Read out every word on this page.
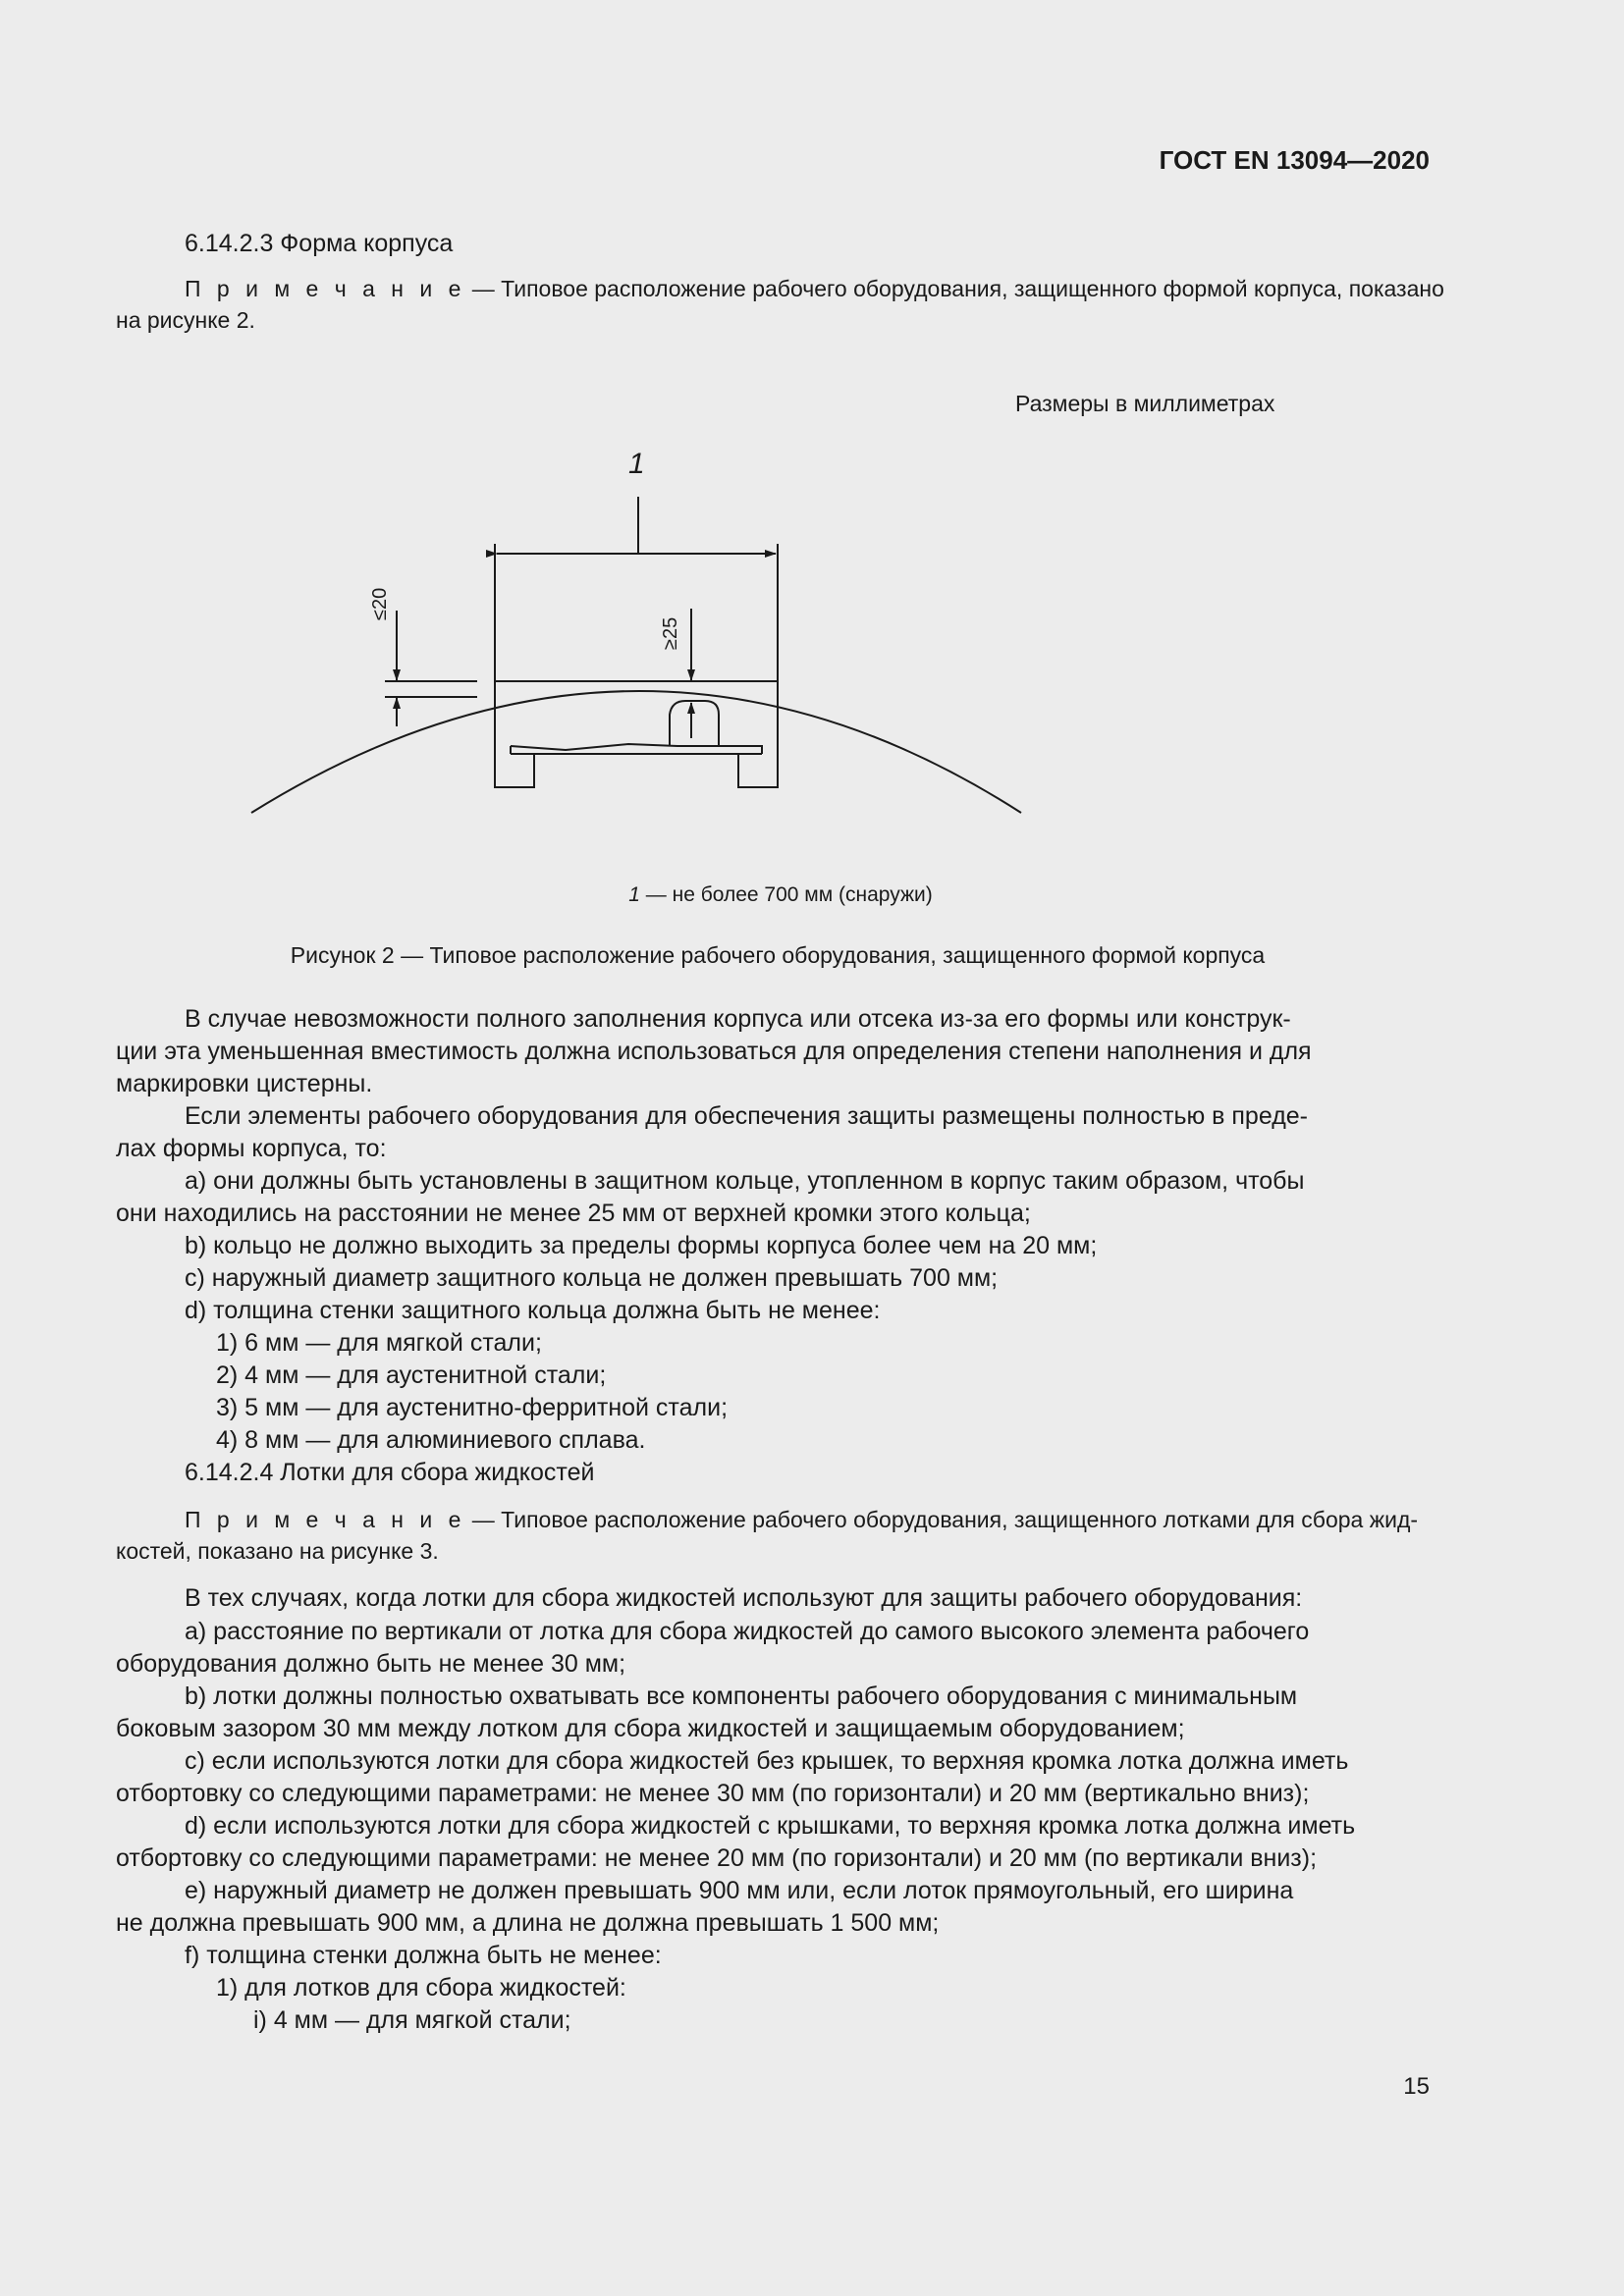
ГОСТ EN 13094—2020
6.14.2.3 Форма корпуса
П р и м е ч а н и е — Типовое расположение рабочего оборудования, защищенного формой корпуса, показано
на рисунке 2.
Размеры в миллиметрах
1
≤20
≥25
1 — не более 700 мм (снаружи)
Рисунок 2 — Типовое расположение рабочего оборудования, защищенного формой корпуса
В случае невозможности полного заполнения корпуса или отсека из-за его формы или конструк-
ции эта уменьшенная вместимость должна использоваться для определения степени наполнения и для
маркировки цистерны.
Если элементы рабочего оборудования для обеспечения защиты размещены полностью в преде-
лах формы корпуса, то:
a) они должны быть установлены в защитном кольце, утопленном в корпус таким образом, чтобы
они находились на расстоянии не менее 25 мм от верхней кромки этого кольца;
b) кольцо не должно выходить за пределы формы корпуса более чем на 20 мм;
c) наружный диаметр защитного кольца не должен превышать 700 мм;
d) толщина стенки защитного кольца должна быть не менее:
1) 6 мм — для мягкой стали;
2) 4 мм — для аустенитной стали;
3) 5 мм — для аустенитно-ферритной стали;
4) 8 мм — для алюминиевого сплава.
6.14.2.4 Лотки для сбора жидкостей
П р и м е ч а н и е — Типовое расположение рабочего оборудования, защищенного лотками для сбора жид-
костей, показано на рисунке 3.
В тех случаях, когда лотки для сбора жидкостей используют для защиты рабочего оборудования:
a) расстояние по вертикали от лотка для сбора жидкостей до самого высокого элемента рабочего
оборудования должно быть не менее 30 мм;
b) лотки должны полностью охватывать все компоненты рабочего оборудования с минимальным
боковым зазором 30 мм между лотком для сбора жидкостей и защищаемым оборудованием;
c) если используются лотки для сбора жидкостей без крышек, то верхняя кромка лотка должна иметь
отбортовку со следующими параметрами: не менее 30 мм (по горизонтали) и 20 мм (вертикально вниз);
d) если используются лотки для сбора жидкостей с крышками, то верхняя кромка лотка должна иметь
отбортовку со следующими параметрами: не менее 20 мм (по горизонтали) и 20 мм (по вертикали вниз);
e) наружный диаметр не должен превышать 900 мм или, если лоток прямоугольный, его ширина
не должна превышать 900 мм, а длина не должна превышать 1 500 мм;
f) толщина стенки должна быть не менее:
1) для лотков для сбора жидкостей:
i) 4 мм — для мягкой стали;
15
